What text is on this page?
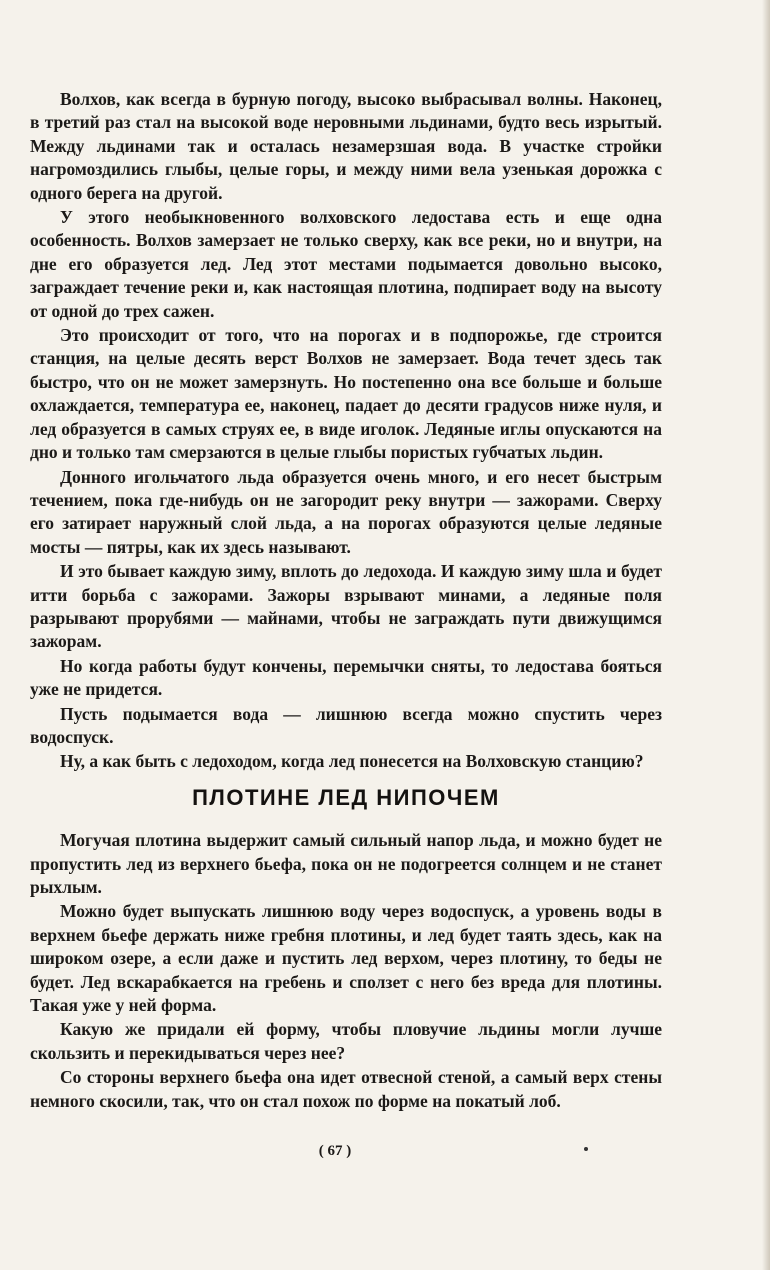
Волхов, как всегда в бурную погоду, высоко выбрасывал волны. Наконец, в третий раз стал на высокой воде неровными льдинами, будто весь изрытый. Между льдинами так и осталась незамерзшая вода. В участке стройки нагромоздились глыбы, целые горы, и между ними вела узенькая дорожка с одного берега на другой.

У этого необыкновенного волховского ледостава есть и еще одна особенность. Волхов замерзает не только сверху, как все реки, но и внутри, на дне его образуется лед. Лед этот местами подымается довольно высоко, заграждает течение реки и, как настоящая плотина, подпирает воду на высоту от одной до трех сажен.

Это происходит от того, что на порогах и в подпорожье, где строится станция, на целые десять верст Волхов не замерзает. Вода течет здесь так быстро, что он не может замерзнуть. Но постепенно она все больше и больше охлаждается, температура ее, наконец, падает до десяти градусов ниже нуля, и лед образуется в самых струях ее, в виде иголок. Ледяные иглы опускаются на дно и только там смерзаются в целые глыбы пористых губчатых льдин.

Донного игольчатого льда образуется очень много, и его несет быстрым течением, пока где-нибудь он не загородит реку внутри — зажорами. Сверху его затирает наружный слой льда, а на порогах образуются целые ледяные мосты — пятры, как их здесь называют.

И это бывает каждую зиму, вплоть до ледохода. И каждую зиму шла и будет итти борьба с зажорами. Зажоры взрывают минами, а ледяные поля разрывают прорубями — майнами, чтобы не заграждать пути движущимся зажорам.

Но когда работы будут кончены, перемычки сняты, то ледостава бояться уже не придется.

Пусть подымается вода — лишнюю всегда можно спустить через водоспуск.

Ну, а как быть с ледоходом, когда лед понесется на Волховскую станцию?

ПЛОТИНЕ ЛЕД НИПОЧЕМ

Могучая плотина выдержит самый сильный напор льда, и можно будет не пропустить лед из верхнего бьефа, пока он не подогреется солнцем и не станет рыхлым.

Можно будет выпускать лишнюю воду через водоспуск, а уровень воды в верхнем бьефе держать ниже гребня плотины, и лед будет таять здесь, как на широком озере, а если даже и пустить лед верхом, через плотину, то беды не будет. Лед вскарабкается на гребень и сползет с него без вреда для плотины. Такая уже у ней форма.

Какую же придали ей форму, чтобы пловучие льдины могли лучше скользить и перекидываться через нее?

Со стороны верхнего бьефа она идет отвесной стеной, а самый верх стены немного скосили, так, что он стал похож по форме на покатый лоб.

( 67 )
